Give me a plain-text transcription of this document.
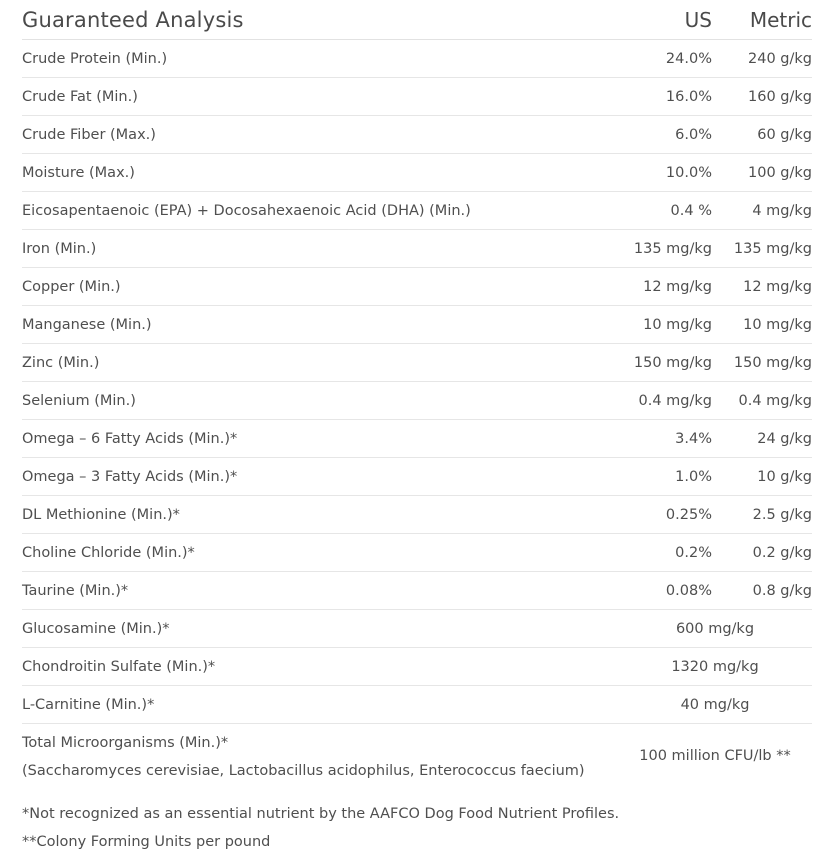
Guaranteed Analysis	US	Metric
Crude Protein (Min.)	24.0%	240 g/kg
Crude Fat (Min.)	16.0%	160 g/kg
Crude Fiber (Max.)	6.0%	60 g/kg
Moisture (Max.)	10.0%	100 g/kg
Eicosapentaenoic (EPA) + Docosahexaenoic Acid (DHA) (Min.)	0.4 %	4 mg/kg
Iron (Min.)	135 mg/kg	135 mg/kg
Copper (Min.)	12 mg/kg	12 mg/kg
Manganese (Min.)	10 mg/kg	10 mg/kg
Zinc (Min.)	150 mg/kg	150 mg/kg
Selenium (Min.)	0.4 mg/kg	0.4 mg/kg
Omega – 6 Fatty Acids (Min.)*	3.4%	24 g/kg
Omega – 3 Fatty Acids (Min.)*	1.0%	10 g/kg
DL Methionine (Min.)*	0.25%	2.5 g/kg
Choline Chloride (Min.)*	0.2%	0.2 g/kg
Taurine (Min.)*	0.08%	0.8 g/kg
Glucosamine (Min.)*	600 mg/kg	
Chondroitin Sulfate (Min.)*	1320 mg/kg	
L-Carnitine (Min.)*	40 mg/kg	

Total Microorganisms (Min.)*
(Saccharomyces cerevisiae, Lactobacillus acidophilus, Enterococcus faecium)	100 million CFU/lb **	
*Not recognized as an essential nutrient by the AAFCO Dog Food Nutrient Profiles.
**Colony Forming Units per pound
